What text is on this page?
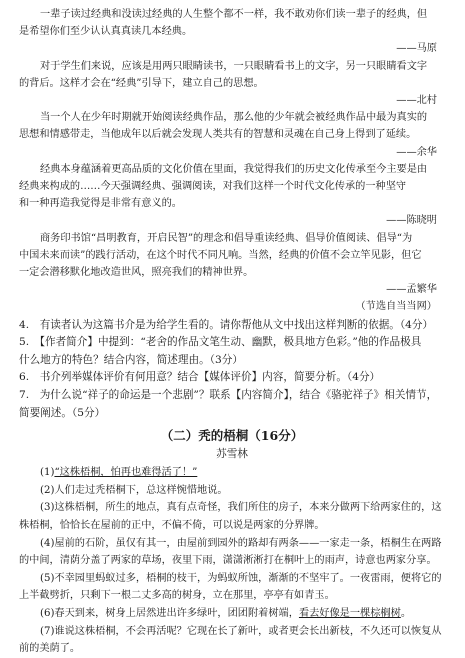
一辈子读过经典和没读过经典的人生整个都不一样，我不敢劝你们读一辈子的经典，但

是希望你们至少认认真真读几本经典。

——马原

对于学生们来说，应该是用两只眼睛读书，一只眼睛看书上的文字，另一只眼睛看文字

的背后。这样才会在“经典”引导下，建立自己的思想。

——北村

当一个人在少年时期就开始阅读经典作品，那么他的少年就会被经典作品中最为真实的

思想和情感带走，当他成年以后就会发现人类共有的智慧和灵魂在自己身上得到了延续。

——余华

经典本身蕴涵着更高品质的文化价值在里面，我觉得我们的历史文化传承至今主要是由

经典来构成的……今天强调经典、强调阅读，对我们这样一个时代文化传承的一种坚守

和一种再造我觉得是非常有意义的。

——陈晓明

商务印书馆“昌明教育，开启民智”的理念和倡导重读经典、倡导价值阅读、倡导“为

中国未来而读”的践行活动，在这个时代不同凡响。当然，经典的价值不会立竿见影，但它

一定会潜移默化地改造世风，照亮我们的精神世界。

——孟繁华

（节选自当当网）

4.　有读者认为这篇书介是为给学生看的。请你帮他从文中找出这样判断的依据。（4分）

5.　【作者简介】中提到：“老舍的作品文笔生动、幽默，极具地方色彩。”他的作品极具

什么地方的特色？结合内容，简述理由。（3分）

6.　书介列举媒体评价有何用意？结合【媒体评价】内容，简要分析。（4分）

7.　为什么说“祥子的命运是一个悲剧”？联系【内容简介】，结合《骆驼祥子》相关情节，

简要阐述。（5分）

（二）秃的梧桐（16分）
苏雪林

(1)“这株梧桐，怕再也难得活了！”

(2)人们走过秃梧桐下，总这样惋惜地说。

(3)这株梧桐，所生的地点，真有点奇怪，我们所住的房子，本来分做两下给两家住的，这株梧桐，恰恰长在屋前的正中，不偏不倚，可以说是两家的分界牌。

(4)屋前的石阶，虽仅有其一，由屋前到园外的路却有两条——一家走一条，梧桐生在两路的中间，清荫分盖了两家的草场，夜里下雨，潇潇淅淅打在桐叶上的雨声，诗意也两家分享。

(5)不幸园里蚂蚁过多，梧桐的枝干，为蚂蚁所蚀，渐渐的不坚牢了。一夜雷雨，便将它的上半截劈折，只剩下一根二丈多高的树身，立在那里，亭亭有如青玉。

(6)春天到来，树身上居然进出许多绿叶，团团附着树端，看去好像是一棵棕榈树。

(7)谁说这株梧桐，不会再活呢？它现在长了新叶，或者更会长出新枝，不久还可以恢复从前的美荫了。
